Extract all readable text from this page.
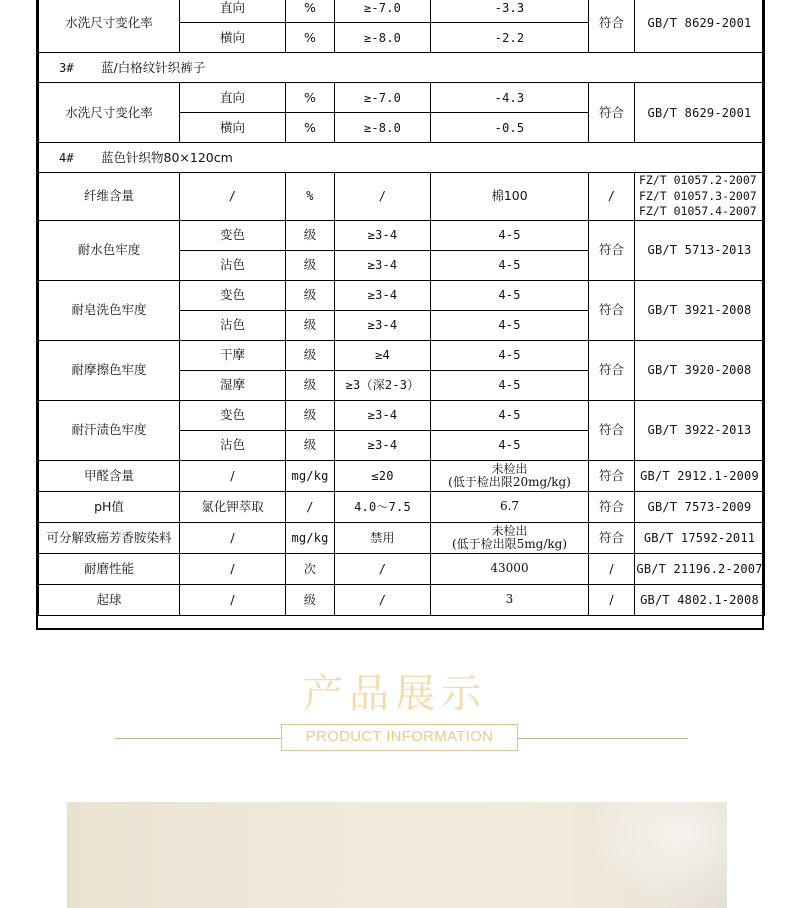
水洗尺寸变化率	直向	%	≥-7.0	-3.3	符合	GB/T 8629-2001
	横向	%	≥-8.0	-2.2		
3# 蓝/白格纹针织裤子						
水洗尺寸变化率	直向	%	≥-7.0	-4.3	符合	GB/T 8629-2001
	横向	%	≥-8.0	-0.5		
4# 蓝色针织物80×120cm						
纤维含量	/	%	/	棉100	/	FZ/T 01057.2-2007
FZ/T 01057.3-2007
FZ/T 01057.4-2007

耐水色牢度	变色	级	≥3-4	4-5	符合	GB/T 5713-2013
	沾色	级	≥3-4	4-5		
耐皂洗色牢度	变色	级	≥3-4	4-5	符合	GB/T 3921-2008
	沾色	级	≥3-4	4-5		
耐摩擦色牢度	干摩	级	≥4	4-5	符合	GB/T 3920-2008
	湿摩	级	≥3（深2-3）	4-5		
耐汗渍色牢度	变色	级	≥3-4	4-5	符合	GB/T 3922-2013
	沾色	级	≥3-4	4-5		
甲醛含量	/	mg/kg	≤20	未检出
(低于检出限20mg/kg)	符合	GB/T 2912.1-2009
pH值	氯化钾萃取	/	4.0～7.5	6.7	符合	GB/T 7573-2009
可分解致癌芳香胺染料	/	mg/kg	禁用	未检出
(低于检出限5mg/kg)	符合	GB/T 17592-2011
耐磨性能	/	次	/	43000	/	GB/T 21196.2-2007
起球	/	级	/	3	/	GB/T 4802.1-2008
产品展示
PRODUCT INFORMATION
